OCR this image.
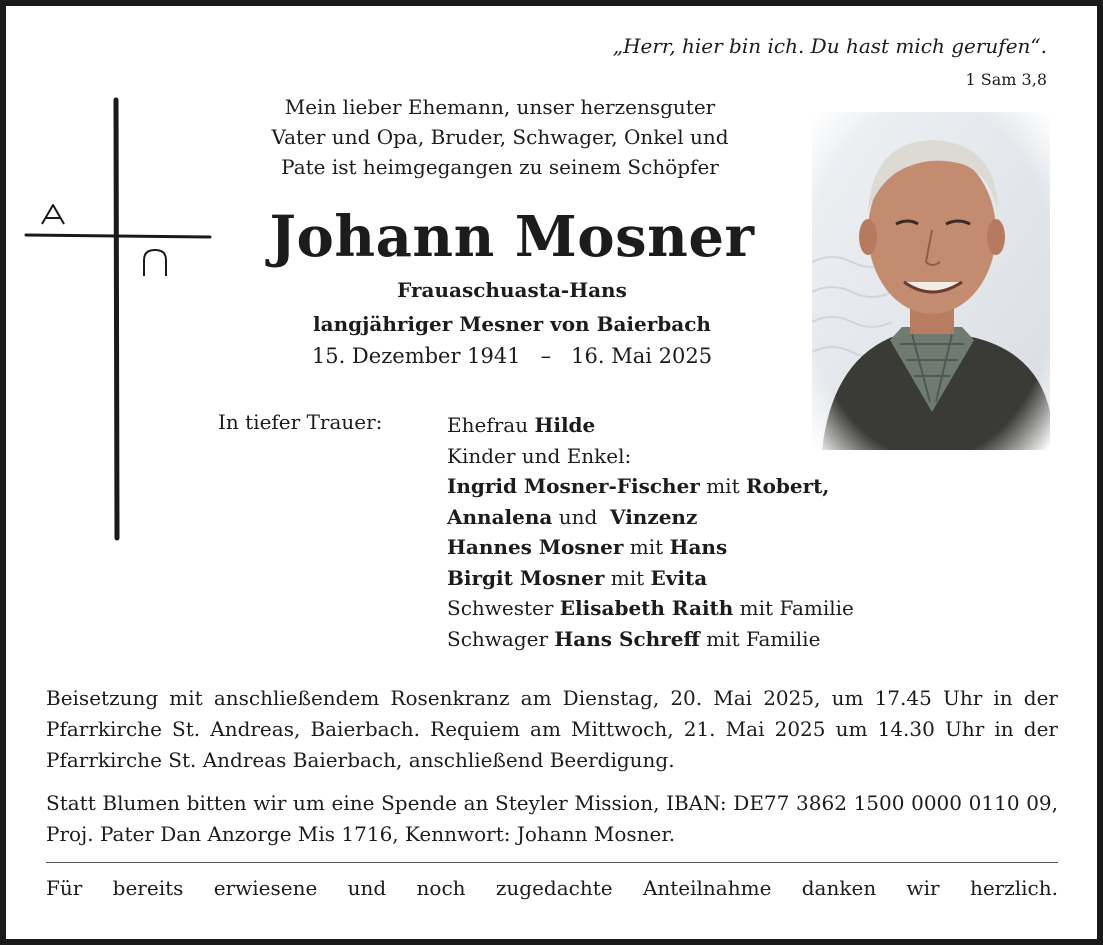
„Herr, hier bin ich. Du hast mich gerufen“.
1 Sam 3,8
Mein lieber Ehemann, unser herzensguter
Vater und Opa, Bruder, Schwager, Onkel und
Pate ist heimgegangen zu seinem Schöpfer
Johann Mosner
Frauaschuasta-Hans
langjähriger Mesner von Baierbach
15. Dezember 1941   –   16. Mai 2025
In tiefer Trauer:	Ehefrau Hilde
Kinder und Enkel:
Ingrid Mosner-Fischer mit Robert,
Annalena und  Vinzenz
Hannes Mosner mit Hans
Birgit Mosner mit Evita
Schwester Elisabeth Raith mit Familie
Schwager Hans Schreff mit Familie
Beisetzung mit anschließendem Rosenkranz am Dienstag, 20. Mai 2025, um 17.45 Uhr in der Pfarrkirche St. Andreas, Baierbach. Requiem am Mittwoch, 21. Mai 2025 um 14.30 Uhr in der Pfarrkirche St. Andreas Baierbach, anschließend Beerdigung.
Statt Blumen bitten wir um eine Spende an Steyler Mission, IBAN: DE77 3862 1500 0000 0110 09, Proj. Pater Dan Anzorge Mis 1716, Kennwort: Johann Mosner.
Für bereits erwiesene und noch zugedachte Anteilnahme danken wir herzlich.
